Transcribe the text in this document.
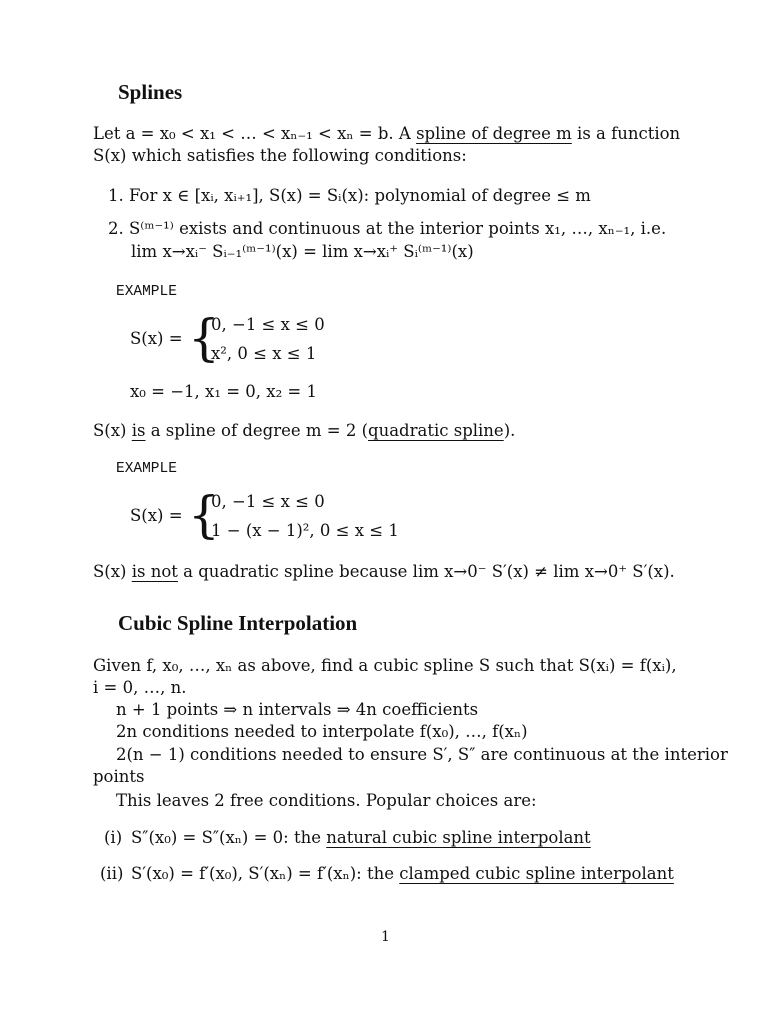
Splines
Let a = x₀ < x₁ < … < xₙ₋₁ < xₙ = b. A spline of degree m is a function
S(x) which satisfies the following conditions:
1. For x ∈ [xᵢ, xᵢ₊₁], S(x) = Sᵢ(x): polynomial of degree ≤ m
2. S⁽ᵐ⁻¹⁾ exists and continuous at the interior points x₁, …, xₙ₋₁, i.e.
lim x→xᵢ⁻ Sᵢ₋₁⁽ᵐ⁻¹⁾(x) = lim x→xᵢ⁺ Sᵢ⁽ᵐ⁻¹⁾(x)
EXAMPLE
S(x) = {
0, −1 ≤ x ≤ 0
x², 0 ≤ x ≤ 1
x₀ = −1, x₁ = 0, x₂ = 1
S(x) is a spline of degree m = 2 (quadratic spline).
EXAMPLE
S(x) = {
0, −1 ≤ x ≤ 0
1 − (x − 1)², 0 ≤ x ≤ 1
S(x) is not a quadratic spline because lim x→0⁻ S′(x) ≠ lim x→0⁺ S′(x).
Cubic Spline Interpolation
Given f, x₀, …, xₙ as above, find a cubic spline S such that S(xᵢ) = f(xᵢ),
i = 0, …, n.
n + 1 points ⇒ n intervals ⇒ 4n coefficients
2n conditions needed to interpolate f(x₀), …, f(xₙ)
2(n − 1) conditions needed to ensure S′, S″ are continuous at the interior
points
This leaves 2 free conditions. Popular choices are:
(i) S″(x₀) = S″(xₙ) = 0: the natural cubic spline interpolant
(ii) S′(x₀) = f′(x₀), S′(xₙ) = f′(xₙ): the clamped cubic spline interpolant
1
